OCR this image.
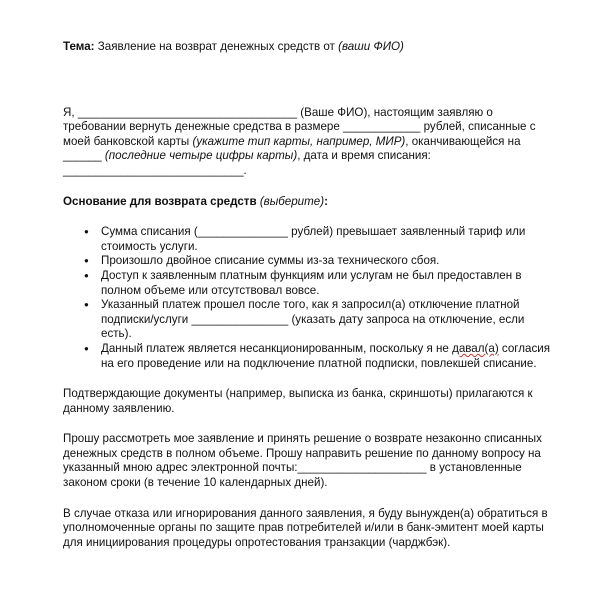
Тема: Заявление на возврат денежных средств от (ваши ФИО)

Я, __________________________________ (Ваше ФИО), настоящим заявляю о требовании вернуть денежные средства в размере ____________ рублей, списанные с моей банковской карты (укажите тип карты, например, МИР), оканчивающейся на ______ (последние четыре цифры карты), дата и время списания: ____________________________.

Основание для возврата средств (выберите):

● Сумма списания (______________ рублей) превышает заявленный тариф или стоимость услуги.
● Произошло двойное списание суммы из-за технического сбоя.
● Доступ к заявленным платным функциям или услугам не был предоставлен в полном объеме или отсутствовал вовсе.
● Указанный платеж прошел после того, как я запросил(а) отключение платной подписки/услуги _______________ (указать дату запроса на отключение, если есть).
● Данный платеж является несанкционированным, поскольку я не давал(а) согласия на его проведение или на подключение платной подписки, повлекшей списание.

Подтверждающие документы (например, выписка из банка, скриншоты) прилагаются к данному заявлению.

Прошу рассмотреть мое заявление и принять решение о возврате незаконно списанных денежных средств в полном объеме. Прошу направить решение по данному вопросу на указанный мною адрес электронной почты:____________________ в установленные законом сроки (в течение 10 календарных дней).

В случае отказа или игнорирования данного заявления, я буду вынужден(а) обратиться в уполномоченные органы по защите прав потребителей и/или в банк-эмитент моей карты для инициирования процедуры опротестования транзакции (чарджбэк).
